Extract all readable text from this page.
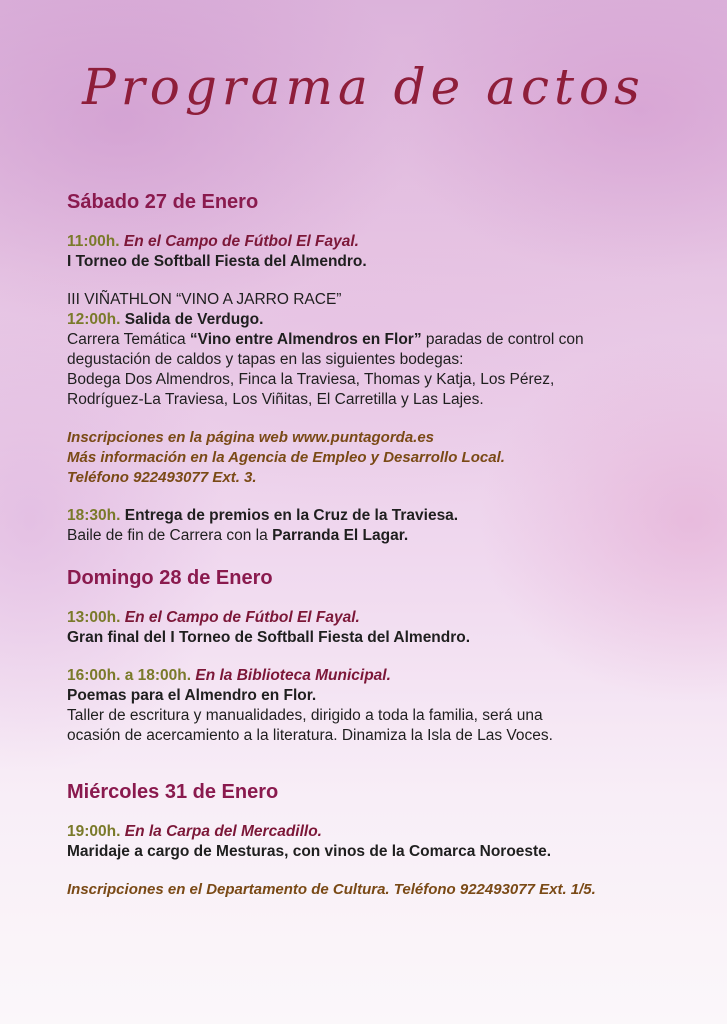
Programa de actos
Sábado 27 de Enero
11:00h. En el Campo de Fútbol El Fayal.
I Torneo de Softball Fiesta del Almendro.
III VIÑATHLON “VINO A JARRO RACE”
12:00h. Salida de Verdugo.
Carrera Temática “Vino entre Almendros en Flor” paradas de control con
degustación de caldos y tapas en las siguientes bodegas:
Bodega Dos Almendros, Finca la Traviesa, Thomas y Katja, Los Pérez,
Rodríguez-La Traviesa, Los Viñitas, El Carretilla y Las Lajes.
Inscripciones en la página web www.puntagorda.es
Más información en la Agencia de Empleo y Desarrollo Local.
Teléfono 922493077 Ext. 3.
18:30h. Entrega de premios en la Cruz de la Traviesa.
Baile de fin de Carrera con la Parranda El Lagar.
Domingo 28 de Enero
13:00h. En el Campo de Fútbol El Fayal.
Gran final del I Torneo de Softball Fiesta del Almendro.
16:00h. a 18:00h. En la Biblioteca Municipal.
Poemas para el Almendro en Flor.
Taller de escritura y manualidades, dirigido a toda la familia, será una
ocasión de acercamiento a la literatura. Dinamiza la Isla de Las Voces.
Miércoles 31 de Enero
19:00h. En la Carpa del Mercadillo.
Maridaje a cargo de Mesturas, con vinos de la Comarca Noroeste.
Inscripciones en el Departamento de Cultura. Teléfono 922493077 Ext. 1/5.
